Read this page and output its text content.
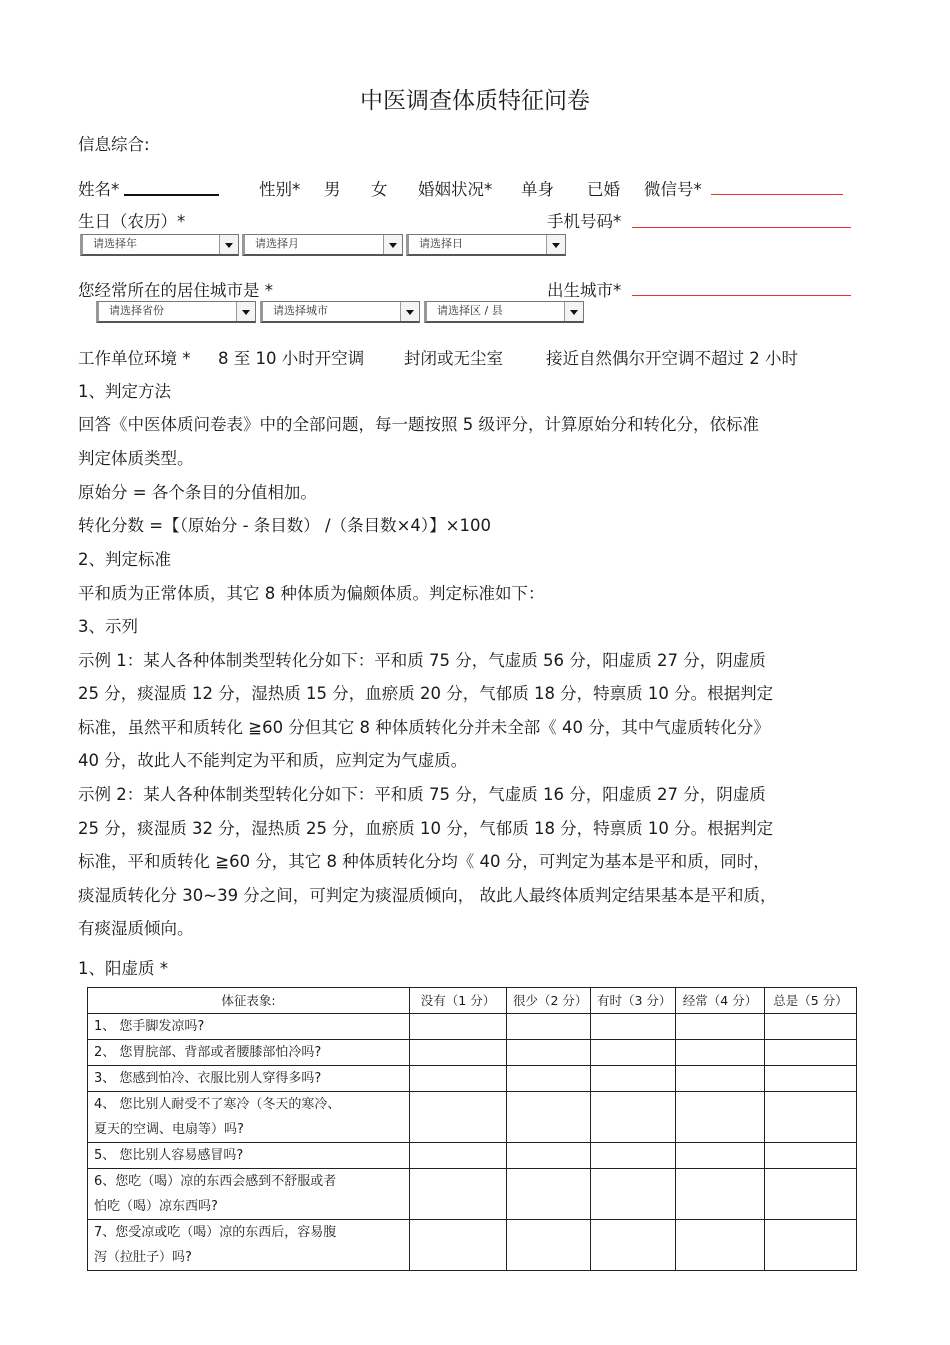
中医调查体质特征问卷
信息综合:
姓名*	性别* 男 女 婚姻状况* 单身 已婚 微信号*
生日（农历）*	手机号码*
请选择年	请选择月	请选择日
您经常所在的居住城市是 *	出生城市*
请选择省份	请选择城市	请选择区 / 县
工作单位环境 * 8 至 10 小时开空调 封闭或无尘室	接近自然偶尔开空调不超过 2 小时
1、判定方法
回答《中医体质问卷表》中的全部问题，每一题按照 5 级评分，计算原始分和转化分，依标准
判定体质类型。
原始分 = 各个条目的分值相加。
转化分数 =【（原始分 - 条目数） /（条目数×4）】×100
2、判定标准
平和质为正常体质，其它 8 种体质为偏颇体质。判定标准如下：
3、示列
示例 1：某人各种体制类型转化分如下：平和质 75 分，气虚质 56 分，阳虚质 27 分，阴虚质
25 分，痰湿质 12 分，湿热质 15 分，血瘀质 20 分，气郁质 18 分，特禀质 10 分。根据判定
标准，虽然平和质转化 ≧60 分但其它 8 种体质转化分并未全部《 40 分，其中气虚质转化分》
40 分，故此人不能判定为平和质，应判定为气虚质。
示例 2：某人各种体制类型转化分如下：平和质 75 分，气虚质 16 分，阳虚质 27 分，阴虚质
25 分，痰湿质 32 分，湿热质 25 分，血瘀质 10 分，气郁质 18 分，特禀质 10 分。根据判定
标准，平和质转化 ≧60 分，其它 8 种体质转化分均《 40 分，可判定为基本是平和质，同时，
痰湿质转化分 30~39 分之间，可判定为痰湿质倾向， 故此人最终体质判定结果基本是平和质，
有痰湿质倾向。
1、阳虚质 *
体征表象:	没有（1 分）	很少（2 分）	有时（3 分）	经常（4 分）	总是（5 分）
1、 您手脚发凉吗?					
2、 您胃脘部、背部或者腰膝部怕冷吗?					
3、 您感到怕冷、衣服比别人穿得多吗?					
4、 您比别人耐受不了寒冷（冬天的寒冷、
夏天的空调、电扇等）吗?					
5、 您比别人容易感冒吗?					
6、您吃（喝）凉的东西会感到不舒服或者
怕吃（喝）凉东西吗?					
7、您受凉或吃（喝）凉的东西后，容易腹
泻（拉肚子）吗?					
